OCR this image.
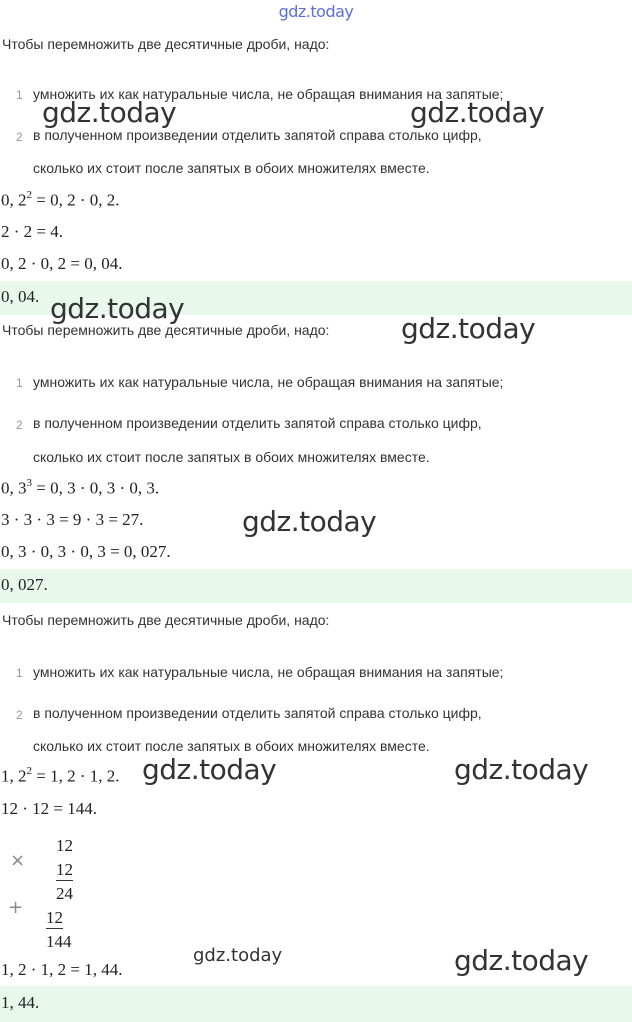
gdz.today
Чтобы перемножить две десятичные дроби, надо:
1 умножить их как натуральные числа, не обращая внимания на запятые;
2 в полученном произведении отделить запятой справа столько цифр,
сколько их стоит после запятых в обоих множителях вместе.
0, $2^2 = 0$, 2 · 0, 2.
2 · 2 = 4.
0, 2 · 0, 2 = 0, 04.
0, 04.
Чтобы перемножить две десятичные дроби, надо:
1 умножить их как натуральные числа, не обращая внимания на запятые;
2 в полученном произведении отделить запятой справа столько цифр,
сколько их стоит после запятых в обоих множителях вместе.
0, $3^3 = 0$, 3 · 0, 3 · 0, 3.
3 · 3 · 3 = 9 · 3 = 27.
0, 3 · 0, 3 · 0, 3 = 0, 027.
0, 027.
Чтобы перемножить две десятичные дроби, надо:
1 умножить их как натуральные числа, не обращая внимания на запятые;
2 в полученном произведении отделить запятой справа столько цифр,
сколько их стоит после запятых в обоих множителях вместе.
1, $2^2 = 1$, 2 · 1, 2.
12 · 12 = 144.
×
12
12
24
+ 12
144
1, 2 · 1, 2 = 1, 44.
1, 44.
gdz.today	gdz.today
gdz.today
gdz.today
gdz.today
gdz.today	gdz.today
gdz.today	gdz.today
